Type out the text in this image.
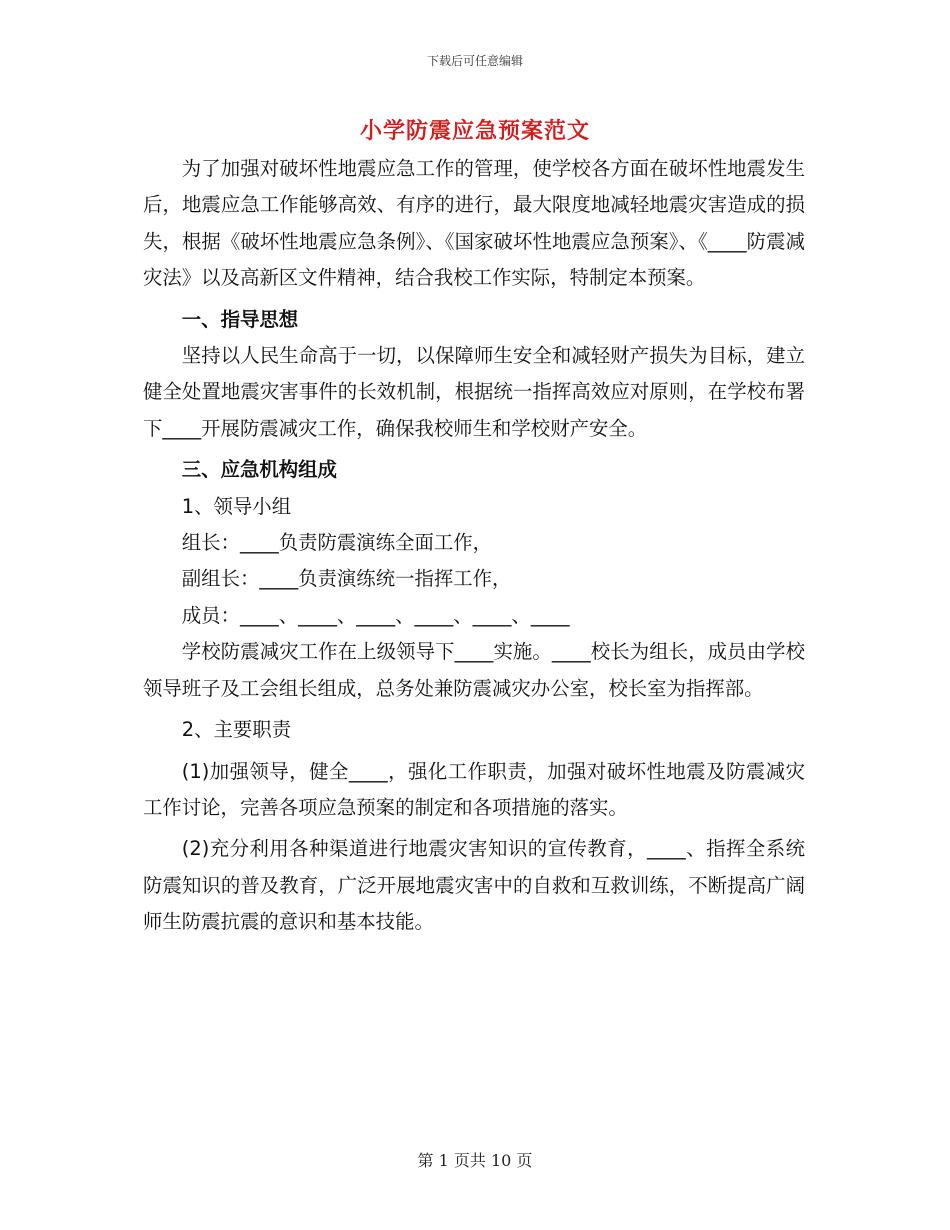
下载后可任意编辑
小学防震应急预案范文

为了加强对破坏性地震应急工作的管理，使学校各方面在破坏性地震发生后，地震应急工作能够高效、有序的进行，最大限度地减轻地震灾害造成的损失，根据《破坏性地震应急条例》、《国家破坏性地震应急预案》、《____防震减灾法》以及高新区文件精神，结合我校工作实际，特制定本预案。

一、指导思想

坚持以人民生命高于一切，以保障师生安全和减轻财产损失为目标，建立健全处置地震灾害事件的长效机制，根据统一指挥高效应对原则，在学校布署下____开展防震减灾工作，确保我校师生和学校财产安全。

三、应急机构组成

1、领导小组

组长：____负责防震演练全面工作，

副组长：____负责演练统一指挥工作，

成员：____、____、____、____、____、____

学校防震减灾工作在上级领导下____实施。____校长为组长，成员由学校领导班子及工会组长组成，总务处兼防震减灾办公室，校长室为指挥部。

2、主要职责

(1)加强领导，健全____，强化工作职责，加强对破坏性地震及防震减灾工作讨论，完善各项应急预案的制定和各项措施的落实。

(2)充分利用各种渠道进行地震灾害知识的宣传教育，____、指挥全系统防震知识的普及教育，广泛开展地震灾害中的自救和互救训练，不断提高广阔师生防震抗震的意识和基本技能。

第 1 页共 10 页
